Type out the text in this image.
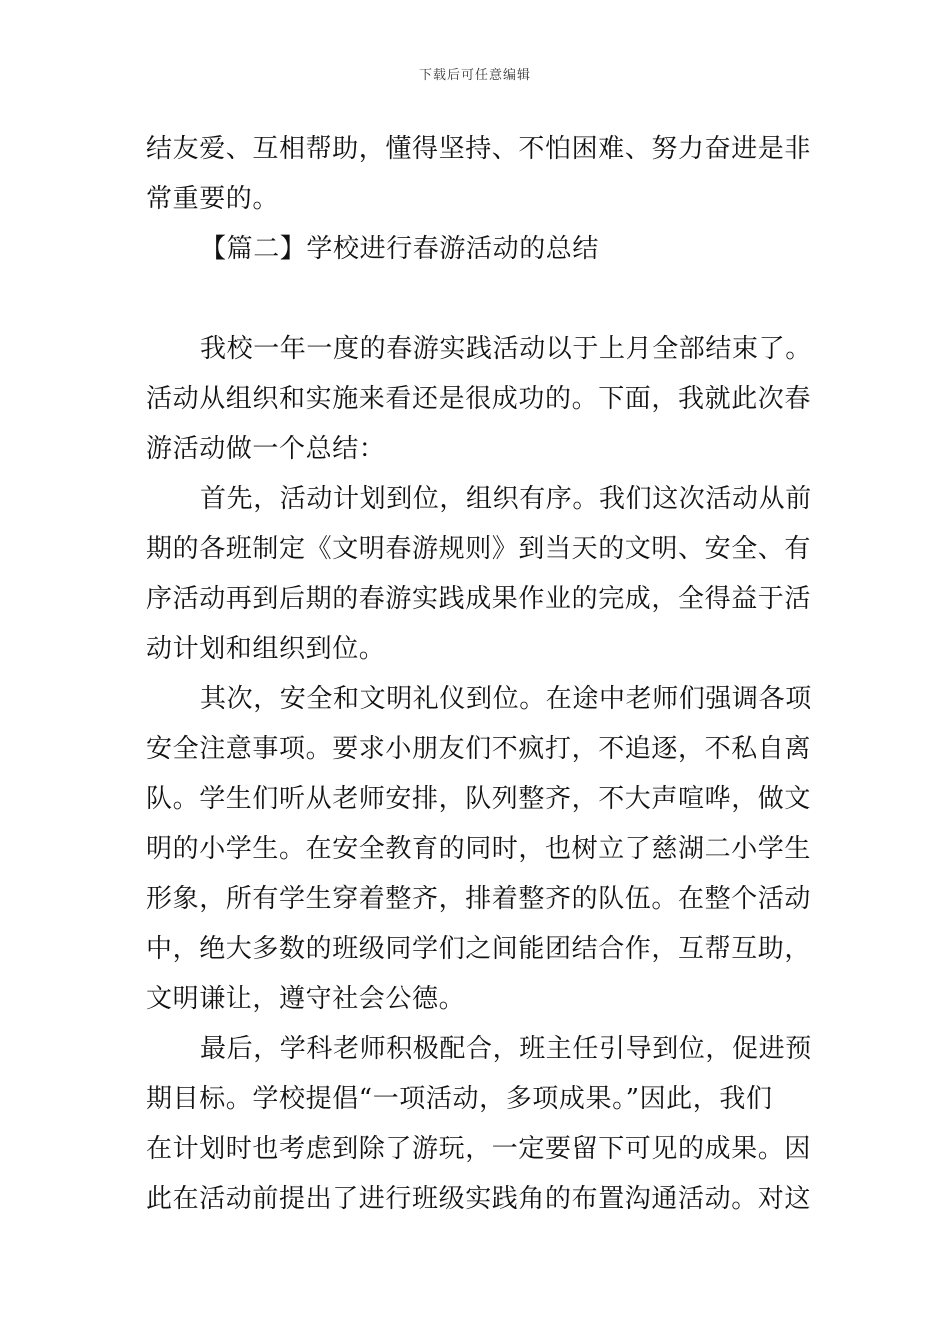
下载后可任意编辑
结友爱、互相帮助，懂得坚持、不怕困难、努力奋进是非
常重要的。
【篇二】学校进行春游活动的总结
我校一年一度的春游实践活动以于上月全部结束了。
活动从组织和实施来看还是很成功的。下面，我就此次春
游活动做一个总结：
首先，活动计划到位，组织有序。我们这次活动从前
期的各班制定《文明春游规则》到当天的文明、安全、有
序活动再到后期的春游实践成果作业的完成，全得益于活
动计划和组织到位。
其次，安全和文明礼仪到位。在途中老师们强调各项
安全注意事项。要求小朋友们不疯打，不追逐，不私自离
队。学生们听从老师安排，队列整齐，不大声喧哗，做文
明的小学生。在安全教育的同时，也树立了慈湖二小学生
形象，所有学生穿着整齐，排着整齐的队伍。在整个活动
中，绝大多数的班级同学们之间能团结合作，互帮互助，
文明谦让，遵守社会公德。
最后，学科老师积极配合，班主任引导到位，促进预
期目标。学校提倡“一项活动，多项成果。”因此，我们
在计划时也考虑到除了游玩，一定要留下可见的成果。因
此在活动前提出了进行班级实践角的布置沟通活动。对这
